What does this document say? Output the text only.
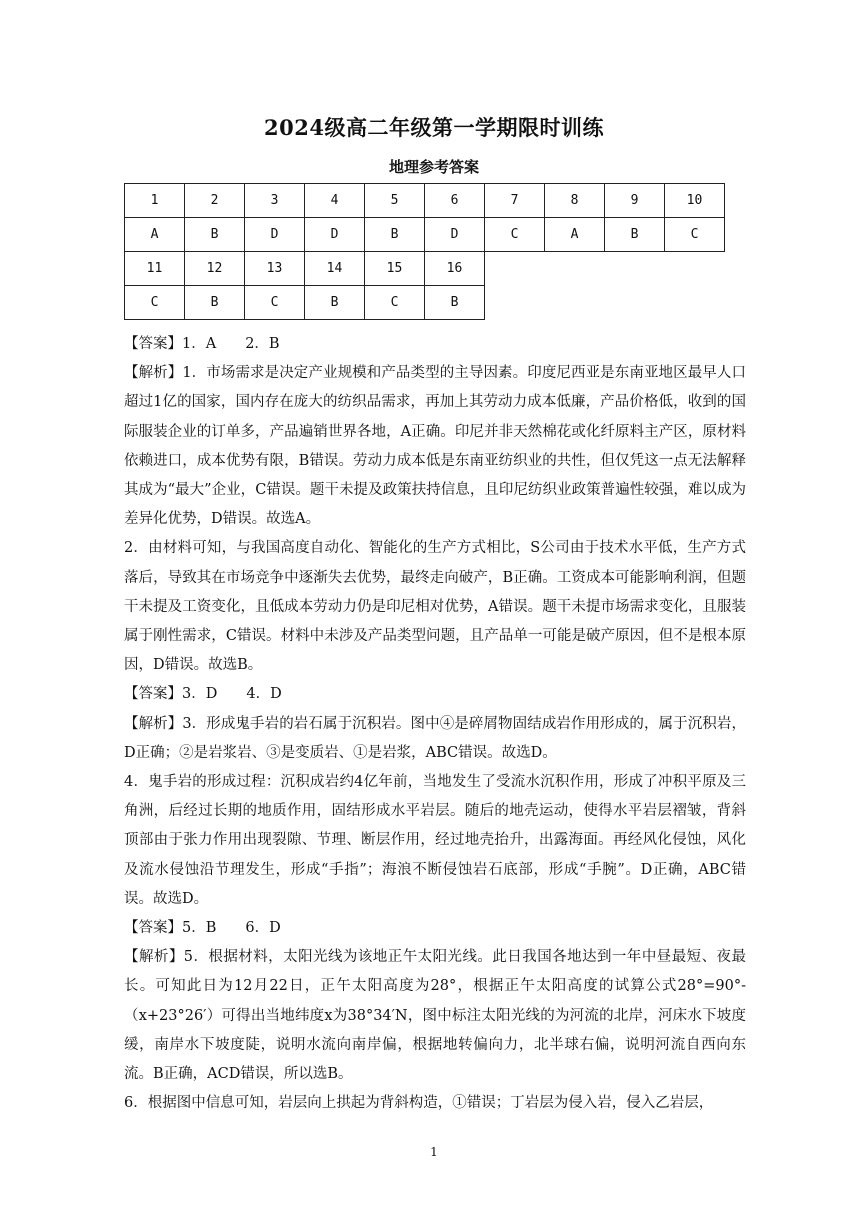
2024级高二年级第一学期限时训练
地理参考答案
1	2	3	4	5	6	7	8	9	10
A	B	D	D	B	D	C	A	B	C
11	12	13	14	15	16				
C	B	C	B	C	B				

【答案】1．A　　2．B

【解析】1．市场需求是决定产业规模和产品类型的主导因素。印度尼西亚是东南亚地区最早人口超过1亿的国家，国内存在庞大的纺织品需求，再加上其劳动力成本低廉，产品价格低，收到的国际服装企业的订单多，产品遍销世界各地，A正确。印尼并非天然棉花或化纤原料主产区，原材料依赖进口，成本优势有限，B错误。劳动力成本低是东南亚纺织业的共性，但仅凭这一点无法解释其成为“最大”企业，C错误。题干未提及政策扶持信息，且印尼纺织业政策普遍性较强，难以成为差异化优势，D错误。故选A。

2．由材料可知，与我国高度自动化、智能化的生产方式相比，S公司由于技术水平低，生产方式落后，导致其在市场竞争中逐渐失去优势，最终走向破产，B正确。工资成本可能影响利润，但题干未提及工资变化，且低成本劳动力仍是印尼相对优势，A错误。题干未提市场需求变化，且服装属于刚性需求，C错误。材料中未涉及产品类型问题，且产品单一可能是破产原因，但不是根本原因，D错误。故选B。

【答案】3．D　　4．D

【解析】3．形成鬼手岩的岩石属于沉积岩。图中④是碎屑物固结成岩作用形成的，属于沉积岩，D正确；②是岩浆岩、③是变质岩、①是岩浆，ABC错误。故选D。

4．鬼手岩的形成过程：沉积成岩约4亿年前，当地发生了受流水沉积作用，形成了冲积平原及三角洲，后经过长期的地质作用，固结形成水平岩层。随后的地壳运动，使得水平岩层褶皱，背斜顶部由于张力作用出现裂隙、节理、断层作用，经过地壳抬升，出露海面。再经风化侵蚀，风化及流水侵蚀沿节理发生，形成“手指”；海浪不断侵蚀岩石底部，形成“手腕”。D正确，ABC错误。故选D。

【答案】5．B　　6．D

【解析】5．根据材料，太阳光线为该地正午太阳光线。此日我国各地达到一年中昼最短、夜最长。可知此日为12月22日，正午太阳高度为28°，根据正午太阳高度的试算公式28°=90°-（x+23°26′）可得出当地纬度x为38°34′N，图中标注太阳光线的为河流的北岸，河床水下坡度缓，南岸水下坡度陡，说明水流向南岸偏，根据地转偏向力，北半球右偏，说明河流自西向东流。B正确，ACD错误，所以选B。

6．根据图中信息可知，岩层向上拱起为背斜构造，①错误；丁岩层为侵入岩，侵入乙岩层，

1
